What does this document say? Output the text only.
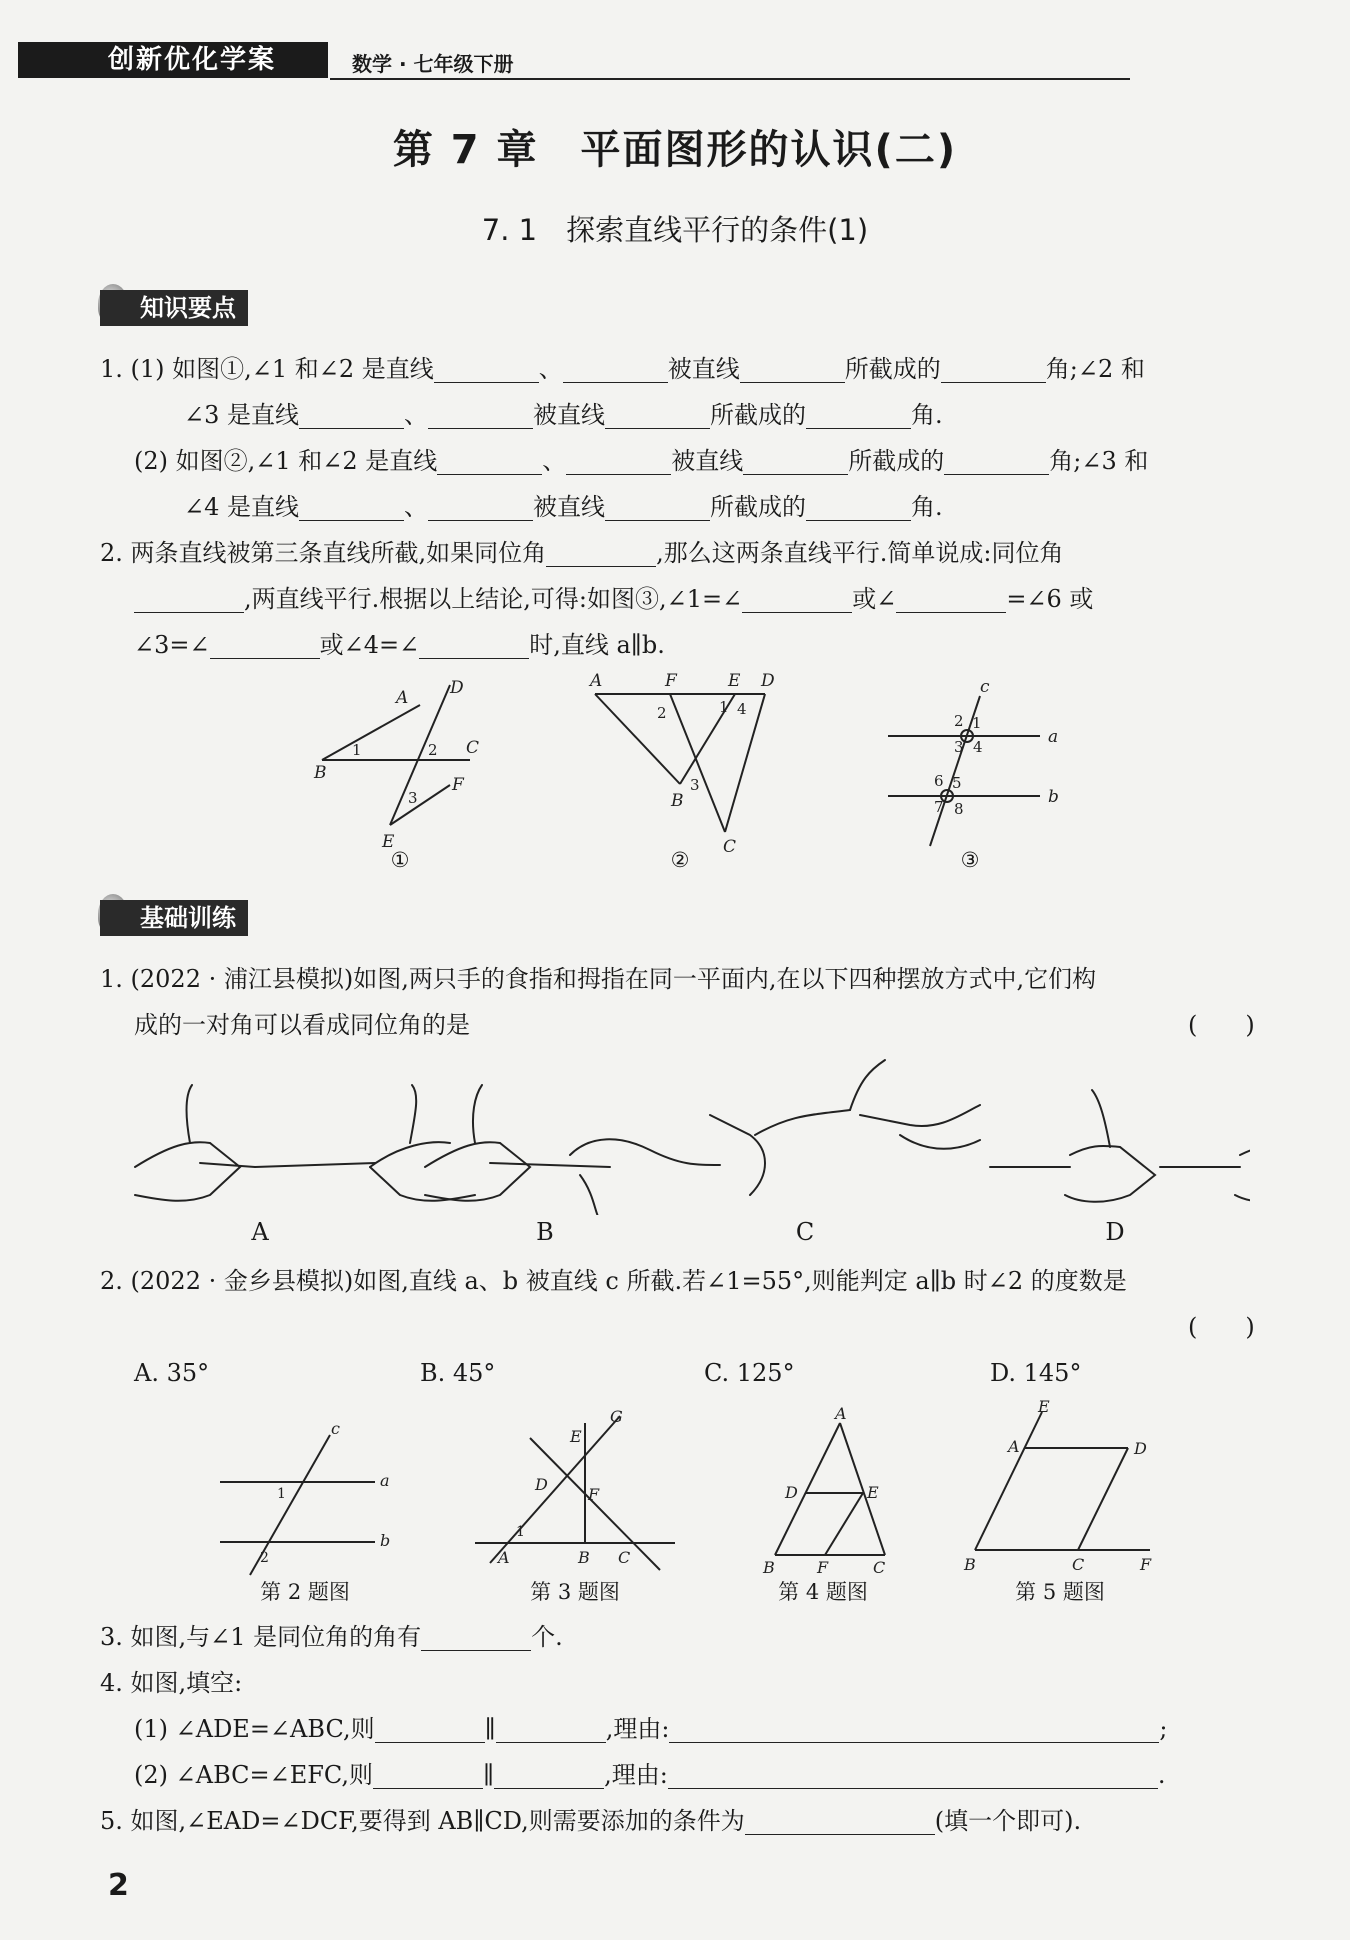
创新优化学案	数学 · 七年级下册
第 7 章　平面图形的认识(二)
7. 1　探索直线平行的条件(1)
知识要点
1. (1) 如图①,∠1 和∠2 是直线	、	被直线	所截成的	角;∠2 和
∠3 是直线	、	被直线	所截成的	角.
(2) 如图②,∠1 和∠2 是直线	、	被直线	所截成的	角;∠3 和
∠4 是直线	、	被直线	所截成的	角.
2. 两条直线被第三条直线所截,如果同位角	,那么这两条直线平行.简单说成:同位角
,两直线平行.根据以上结论,可得:如图③,∠1=∠	或∠	=∠6 或
∠3=∠	或∠4=∠	时,直线 a∥b.
A D
B
C
F
E
1	2
3
①
A	F	E D
B
C
2	1 4
3
②
c
a
b
2 1
3 4
6 5
7 8
③
基础训练
1. (2022 · 浦江县模拟)如图,两只手的食指和拇指在同一平面内,在以下四种摆放方式中,它们构
成的一对角可以看成同位角的是	(　　)
A	B	C	D
2. (2022 · 金乡县模拟)如图,直线 a、b 被直线 c 所截.若∠1=55°,则能判定 a∥b 时∠2 的度数是
(　　)
A. 35°	B. 45°	C. 125°	D. 145°
c
a
b
1
2
第 2 题图
E
G
D
F
A	B C
1
第 3 题图
A
D	E
B	F	C
第 4 题图
E
A	D
B	C	F
第 5 题图
3. 如图,与∠1 是同位角的角有	个.
4. 如图,填空:
(1) ∠ADE=∠ABC,则	∥	,理由:	;
(2) ∠ABC=∠EFC,则	∥	,理由:	.
5. 如图,∠EAD=∠DCF,要得到 AB∥CD,则需要添加的条件为	(填一个即可).
2
